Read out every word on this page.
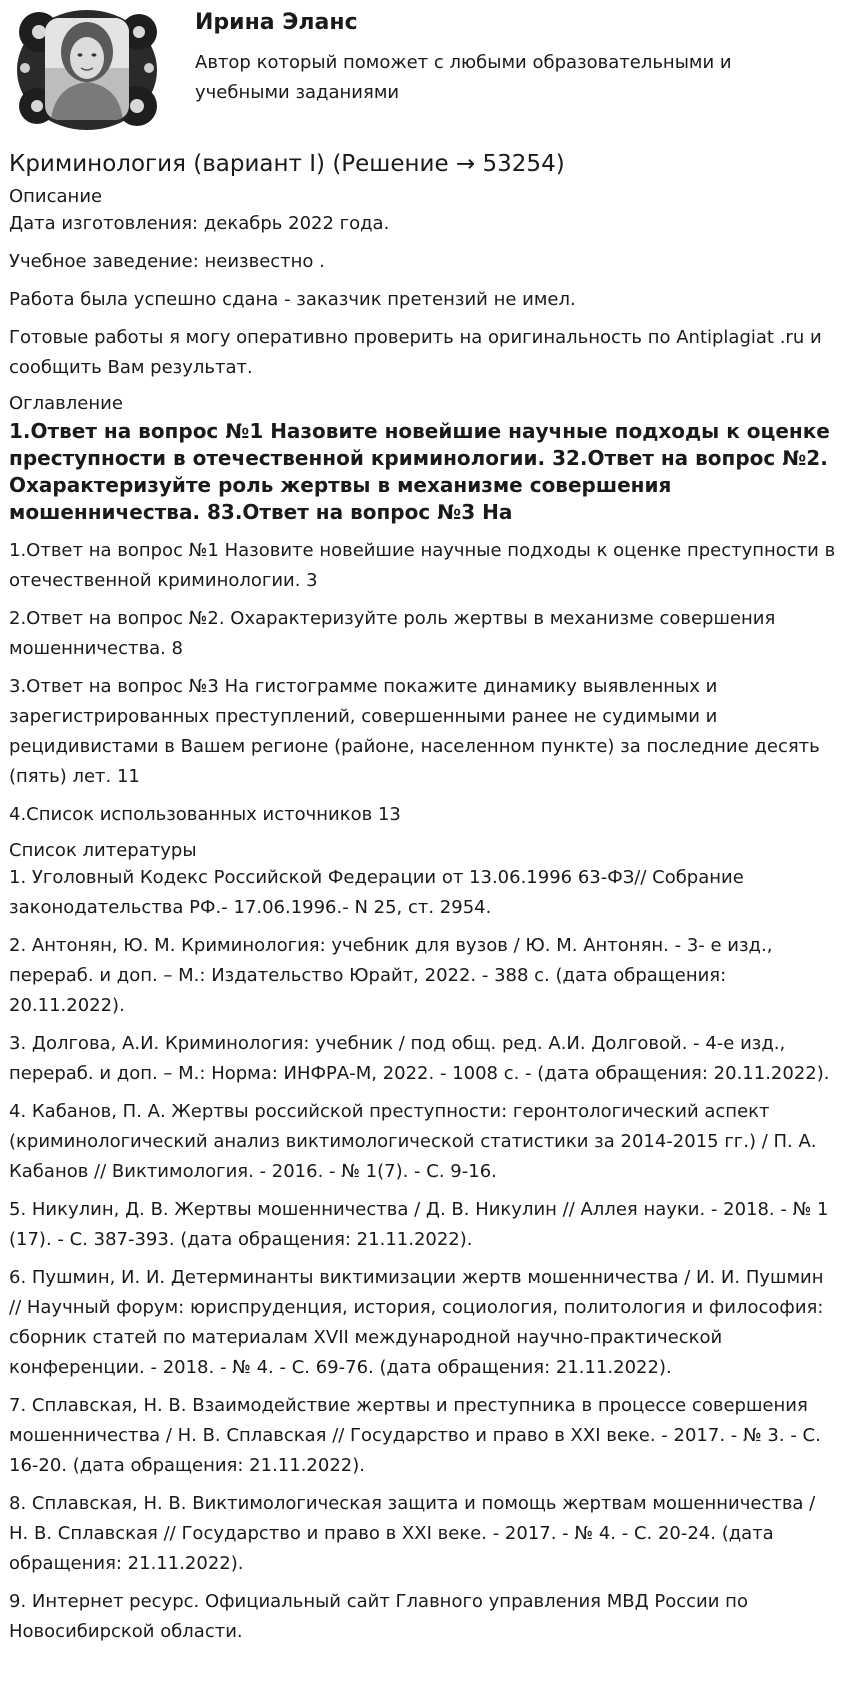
Ирина Эланс

Автор который поможет с любыми образовательными и учебными заданиями

Криминология (вариант I) (Решение → 53254)

Описание

Дата изготовления: декабрь 2022 года.

Учебное заведение: неизвестно .

Работа была успешно сдана - заказчик претензий не имел.

Готовые работы я могу оперативно проверить на оригинальность по Antiplagiat .ru и сообщить Вам результат.

Оглавление

1.Ответ на вопрос №1 Назовите новейшие научные подходы к оценке преступности в отечественной криминологии. 32.Ответ на вопрос №2. Охарактеризуйте роль жертвы в механизме совершения мошенничества. 83.Ответ на вопрос №3 На

1.Ответ на вопрос №1 Назовите новейшие научные подходы к оценке преступности в отечественной криминологии. 3

2.Ответ на вопрос №2. Охарактеризуйте роль жертвы в механизме совершения мошенничества. 8

3.Ответ на вопрос №3 На гистограмме покажите динамику выявленных и зарегистрированных преступлений, совершенными ранее не судимыми и рецидивистами в Вашем регионе (районе, населенном пункте) за последние десять (пять) лет. 11

4.Список использованных источников 13

Список литературы

1. Уголовный Кодекс Российской Федерации от 13.06.1996 63-ФЗ// Собрание законодательства РФ.- 17.06.1996.- N 25, ст. 2954.

2. Антонян, Ю. М. Криминология: учебник для вузов / Ю. М. Антонян. - 3- е изд., перераб. и доп. – М.: Издательство Юрайт, 2022. - 388 с. (дата обращения: 20.11.2022).

3. Долгова, А.И. Криминология: учебник / под общ. ред. А.И. Долговой. - 4-е изд., перераб. и доп. – М.: Норма: ИНФРА-М, 2022. - 1008 с. - (дата обращения: 20.11.2022).

4. Кабанов, П. А. Жертвы российской преступности: геронтологический аспект (криминологический анализ виктимологической статистики за 2014-2015 гг.) / П. А. Кабанов // Виктимология. - 2016. - № 1(7). - С. 9-16.

5. Никулин, Д. В. Жертвы мошенничества / Д. В. Никулин // Аллея науки. - 2018. - № 1 (17). - С. 387-393. (дата обращения: 21.11.2022).

6. Пушмин, И. И. Детерминанты виктимизации жертв мошенничества / И. И. Пушмин // Научный форум: юриспруденция, история, социология, политология и философия: сборник статей по материалам XVII международной научно-практической конференции. - 2018. - № 4. - С. 69-76. (дата обращения: 21.11.2022).

7. Сплавская, Н. В. Взаимодействие жертвы и преступника в процессе совершения мошенничества / Н. В. Сплавская // Государство и право в XXI веке. - 2017. - № 3. - С. 16-20. (дата обращения: 21.11.2022).

8. Сплавская, Н. В. Виктимологическая защита и помощь жертвам мошенничества / Н. В. Сплавская // Государство и право в XXI веке. - 2017. - № 4. - С. 20-24. (дата обращения: 21.11.2022).

9. Интернет ресурс. Официальный сайт Главного управления МВД России по Новосибирской области.
